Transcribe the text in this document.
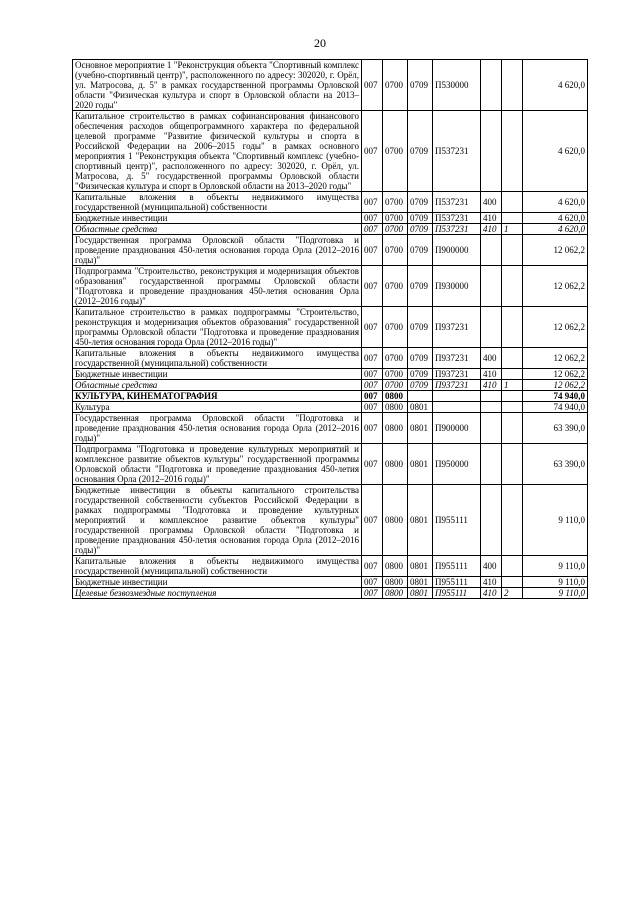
20
Основное мероприятие 1 "Реконструкция объекта "Спортивный комплекс (учебно-спортивный центр)", расположенного по адресу: 302020, г. Орёл, ул. Матросова, д. 5" в рамках государственной программы Орловской области "Физическая культура и спорт в Орловской области на 2013–2020 годы"	007	0700	0709	П530000			4 620,0
Капитальное строительство в рамках софинансирования финансового обеспечения расходов общепрограммного характера по федеральной целевой программе "Развитие физической культуры и спорта в Российской Федерации на 2006–2015 годы" в рамках основного мероприятия 1 "Реконструкция объекта "Спортивный комплекс (учебно-спортивный центр)", расположенного по адресу: 302020, г. Орёл, ул. Матросова, д. 5" государственной программы Орловской области "Физическая культура и спорт в Орловской области на 2013–2020 годы"	007	0700	0709	П537231			4 620,0
Капитальные вложения в объекты недвижимого имущества государственной (муниципальной) собственности	007	0700	0709	П537231	400		4 620,0
Бюджетные инвестиции	007	0700	0709	П537231	410		4 620,0
Областные средства	007	0700	0709	П537231	410	1	4 620,0
Государственная программа Орловской области "Подготовка и проведение празднования 450-летия основания города Орла (2012–2016 годы)"	007	0700	0709	П900000			12 062,2
Подпрограмма "Строительство, реконструкция и модернизация объектов образования" государственной программы Орловской области "Подготовка и проведение празднования 450-летия основания Орла (2012–2016 годы)"	007	0700	0709	П930000			12 062,2
Капитальное строительство в рамках подпрограммы "Строительство, реконструкция и модернизация объектов образования" государственной программы Орловской области "Подготовка и проведение празднования 450-летия основания города Орла (2012–2016 годы)"	007	0700	0709	П937231			12 062,2
Капитальные вложения в объекты недвижимого имущества государственной (муниципальной) собственности	007	0700	0709	П937231	400		12 062,2
Бюджетные инвестиции	007	0700	0709	П937231	410		12 062,2
Областные средства	007	0700	0709	П937231	410	1	12 062,2
КУЛЬТУРА, КИНЕМАТОГРАФИЯ	007	0800					74 940,0
Культура	007	0800	0801				74 940,0
Государственная программа Орловской области "Подготовка и проведение празднования 450-летия основания города Орла (2012–2016 годы)"	007	0800	0801	П900000			63 390,0
Подпрограмма "Подготовка и проведение культурных мероприятий и комплексное развитие объектов культуры" государственной программы Орловской области "Подготовка и проведение празднования 450-летия основания Орла (2012–2016 годы)"	007	0800	0801	П950000			63 390,0
Бюджетные инвестиции в объекты капитального строительства государственной собственности субъектов Российской Федерации в рамках подпрограммы "Подготовка и проведение культурных мероприятий и комплексное развитие объектов культуры" государственной программы Орловской области "Подготовка и проведение празднования 450-летия основания города Орла (2012–2016 годы)"	007	0800	0801	П955111			9 110,0
Капитальные вложения в объекты недвижимого имущества государственной (муниципальной) собственности	007	0800	0801	П955111	400		9 110,0
Бюджетные инвестиции	007	0800	0801	П955111	410		9 110,0
Целевые безвозмездные поступления	007	0800	0801	П955111	410	2	9 110,0
